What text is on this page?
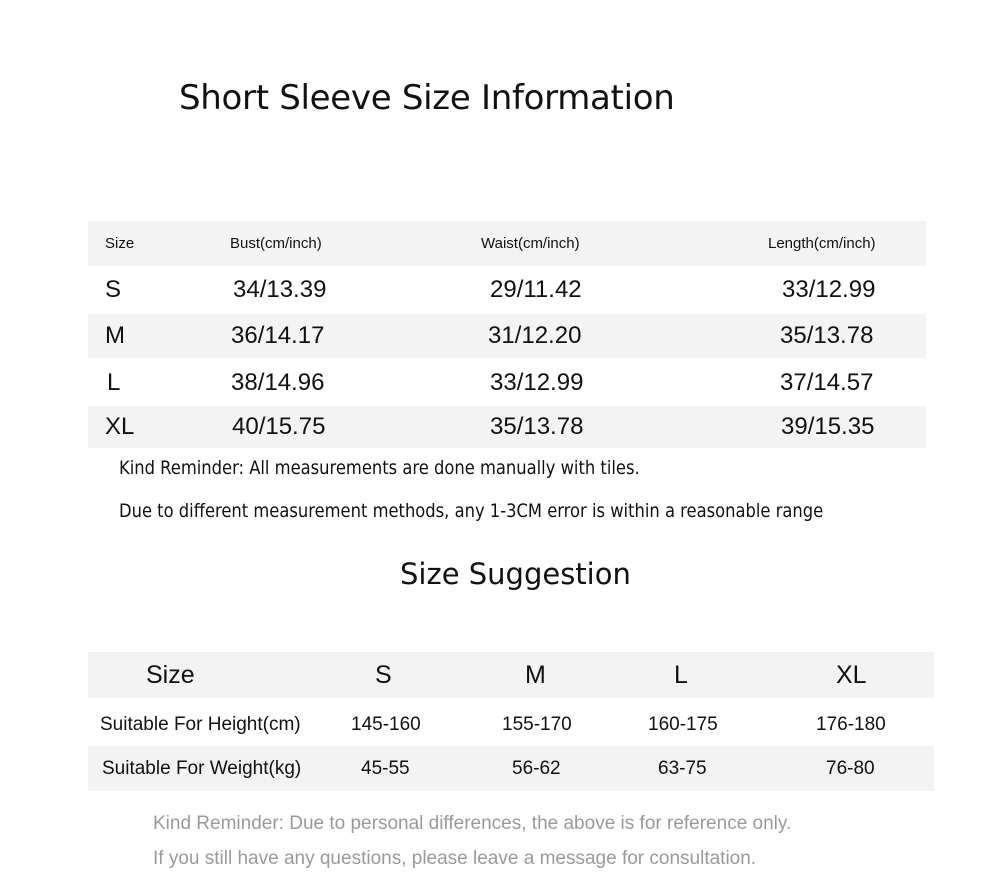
Short Sleeve Size Information
Size	Bust(cm/inch)	Waist(cm/inch)	Length(cm/inch)
S	34/13.39	29/11.42	33/12.99
M	36/14.17	31/12.20	35/13.78
L	38/14.96	33/12.99	37/14.57
XL	40/15.75	35/13.78	39/15.35
Kind Reminder: All measurements are done manually with tiles.
Due to different measurement methods, any 1-3CM error is within a reasonable range
Size Suggestion
Size	S	M	L	XL
Suitable For Height(cm)	145-160	155-170	160-175	176-180
Suitable For Weight(kg)	45-55	56-62	63-75	76-80
Kind Reminder: Due to personal differences, the above is for reference only.
If you still have any questions, please leave a message for consultation.
